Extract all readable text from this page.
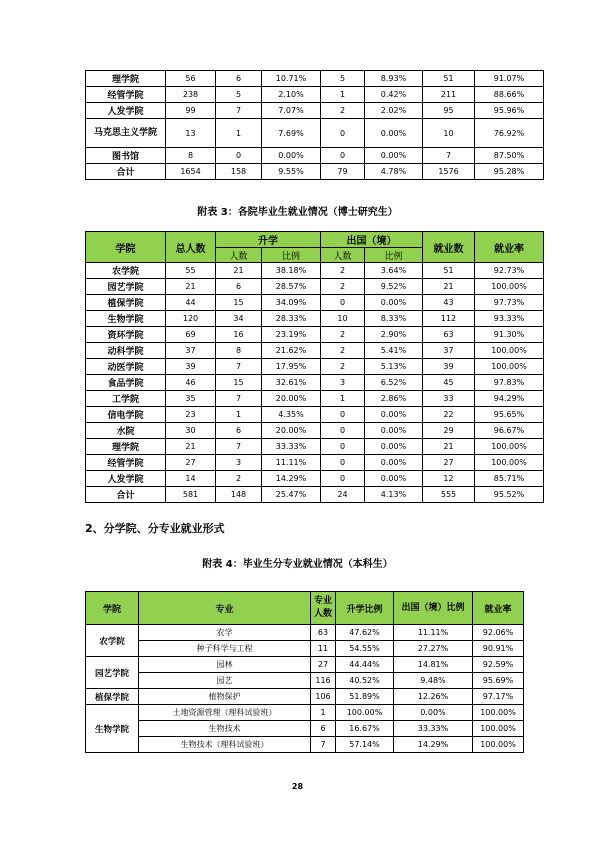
理学院	56	6	10.71%	5	8.93%	51	91.07%
经管学院	238	5	2.10%	1	0.42%	211	88.66%
人发学院	99	7	7.07%	2	2.02%	95	95.96%
马克思主义学院	13	1	7.69%	0	0.00%	10	76.92%
图书馆	8	0	0.00%	0	0.00%	7	87.50%
合计	1654	158	9.55%	79	4.78%	1576	95.28%
附表 3：各院毕业生就业情况（博士研究生）
学院	总人数	升学		出国（境）		就业数	就业率
		人数	比例	人数	比例		
农学院	55	21	38.18%	2	3.64%	51	92.73%
园艺学院	21	6	28.57%	2	9.52%	21	100.00%
植保学院	44	15	34.09%	0	0.00%	43	97.73%
生物学院	120	34	28.33%	10	8.33%	112	93.33%
资环学院	69	16	23.19%	2	2.90%	63	91.30%
动科学院	37	8	21.62%	2	5.41%	37	100.00%
动医学院	39	7	17.95%	2	5.13%	39	100.00%
食品学院	46	15	32.61%	3	6.52%	45	97.83%
工学院	35	7	20.00%	1	2.86%	33	94.29%
信电学院	23	1	4.35%	0	0.00%	22	95.65%
水院	30	6	20.00%	0	0.00%	29	96.67%
理学院	21	7	33.33%	0	0.00%	21	100.00%
经管学院	27	3	11.11%	0	0.00%	27	100.00%
人发学院	14	2	14.29%	0	0.00%	12	85.71%
合计	581	148	25.47%	24	4.13%	555	95.52%
2、分学院、分专业就业形式
附表 4：毕业生分专业就业情况（本科生）
学院	专业	专业人数	升学比例	出国（境）比例	就业率
农学院	农学	63	47.62%	11.11%	92.06%
	种子科学与工程	11	54.55%	27.27%	90.91%
园艺学院	园林	27	44.44%	14.81%	92.59%
	园艺	116	40.52%	9.48%	95.69%
植保学院	植物保护	106	51.89%	12.26%	97.17%
生物学院	土地资源管理（理科试验班）	1	100.00%	0.00%	100.00%
	生物技术	6	16.67%	33.33%	100.00%
	生物技术（理科试验班）	7	57.14%	14.29%	100.00%
28
